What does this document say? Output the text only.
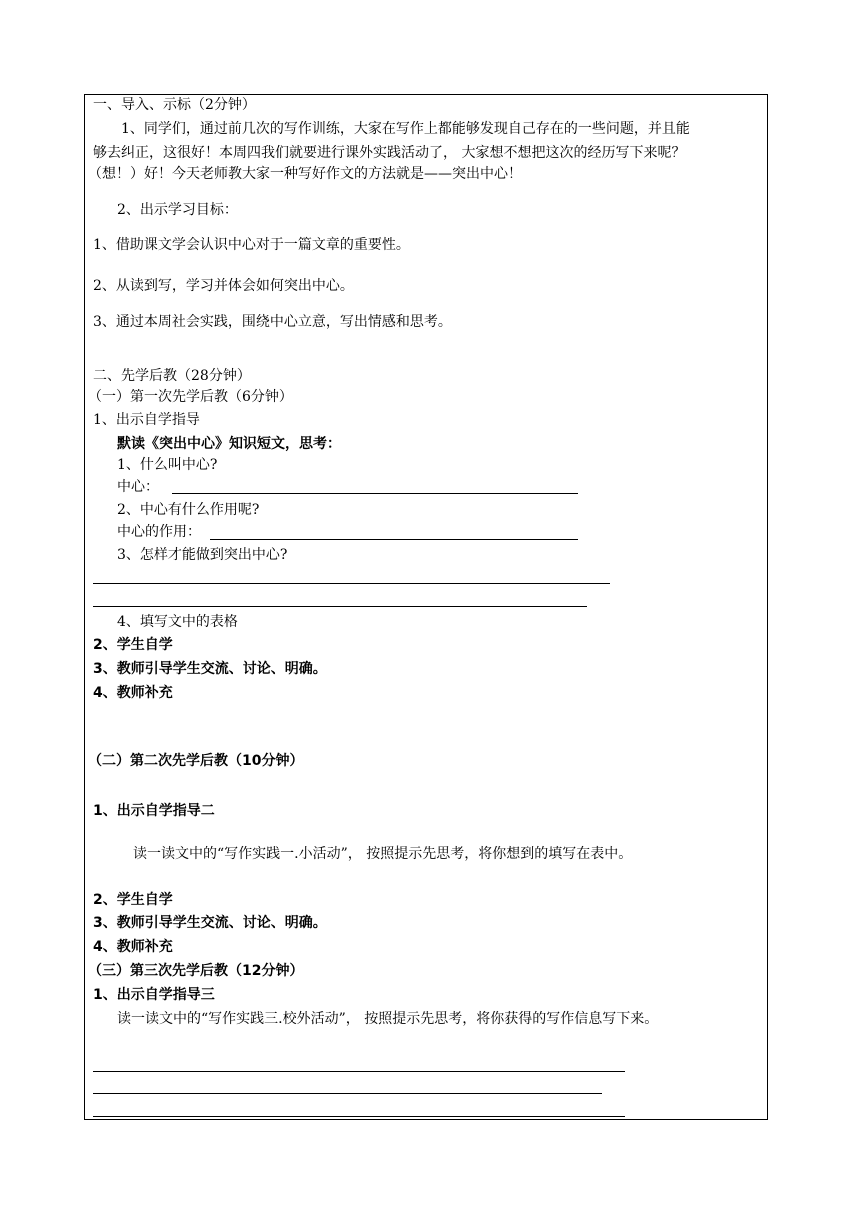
一、导入、示标（2分钟）
1、同学们，通过前几次的写作训练，大家在写作上都能够发现自己存在的一些问题，并且能
够去纠正，这很好！本周四我们就要进行课外实践活动了， 大家想不想把这次的经历写下来呢？
（想！）好！今天老师教大家一种写好作文的方法就是——突出中心！
2、出示学习目标：
1、借助课文学会认识中心对于一篇文章的重要性。
2、从读到写，学习并体会如何突出中心。
3、通过本周社会实践，围绕中心立意，写出情感和思考。
二、先学后教（28分钟）
（一）第一次先学后教（6分钟）
1、出示自学指导
默读《突出中心》知识短文，思考：
1、什么叫中心?
中心：
2、中心有什么作用呢?
中心的作用：
3、怎样才能做到突出中心?
4、填写文中的表格
2、学生自学
3、教师引导学生交流、讨论、明确。
4、教师补充
（二）第二次先学后教（10分钟）
1、出示自学指导二
读一读文中的“写作实践一.小活动”， 按照提示先思考，将你想到的填写在表中。
2、学生自学
3、教师引导学生交流、讨论、明确。
4、教师补充
（三）第三次先学后教（12分钟）
1、出示自学指导三
读一读文中的“写作实践三.校外活动”， 按照提示先思考，将你获得的写作信息写下来。
